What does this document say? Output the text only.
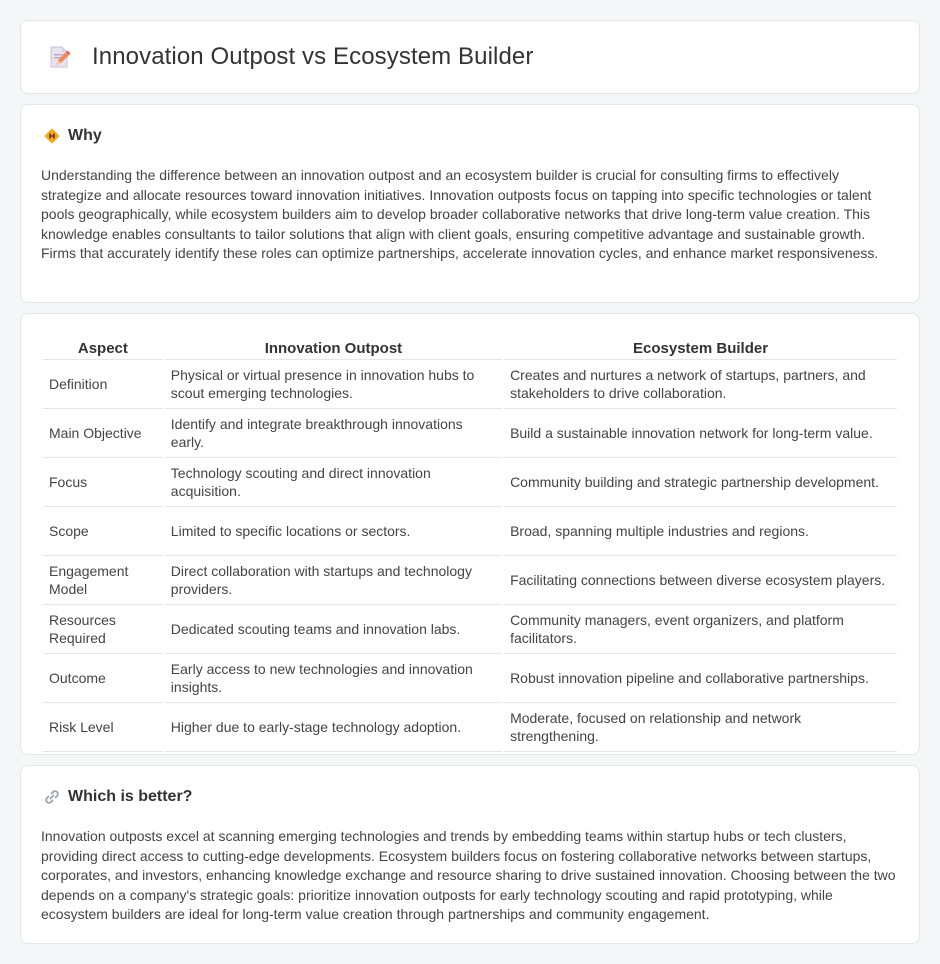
Innovation Outpost vs Ecosystem Builder
Why

Understanding the difference between an innovation outpost and an ecosystem builder is crucial for consulting firms to effectively strategize and allocate resources toward innovation initiatives. Innovation outposts focus on tapping into specific technologies or talent pools geographically, while ecosystem builders aim to develop broader collaborative networks that drive long-term value creation. This knowledge enables consultants to tailor solutions that align with client goals, ensuring competitive advantage and sustainable growth. Firms that accurately identify these roles can optimize partnerships, accelerate innovation cycles, and enhance market responsiveness.

Aspect	Innovation Outpost	Ecosystem Builder
Definition	Physical or virtual presence in innovation hubs to scout emerging technologies.	Creates and nurtures a network of startups, partners, and stakeholders to drive collaboration.
Main Objective	Identify and integrate breakthrough innovations early.	Build a sustainable innovation network for long-term value.
Focus	Technology scouting and direct innovation acquisition.	Community building and strategic partnership development.
Scope	Limited to specific locations or sectors.	Broad, spanning multiple industries and regions.
Engagement Model	Direct collaboration with startups and technology providers.	Facilitating connections between diverse ecosystem players.
Resources Required	Dedicated scouting teams and innovation labs.	Community managers, event organizers, and platform facilitators.
Outcome	Early access to new technologies and innovation insights.	Robust innovation pipeline and collaborative partnerships.
Risk Level	Higher due to early-stage technology adoption.	Moderate, focused on relationship and network strengthening.
Which is better?

Innovation outposts excel at scanning emerging technologies and trends by embedding teams within startup hubs or tech clusters, providing direct access to cutting-edge developments. Ecosystem builders focus on fostering collaborative networks between startups, corporates, and investors, enhancing knowledge exchange and resource sharing to drive sustained innovation. Choosing between the two depends on a company's strategic goals: prioritize innovation outposts for early technology scouting and rapid prototyping, while ecosystem builders are ideal for long-term value creation through partnerships and community engagement.
